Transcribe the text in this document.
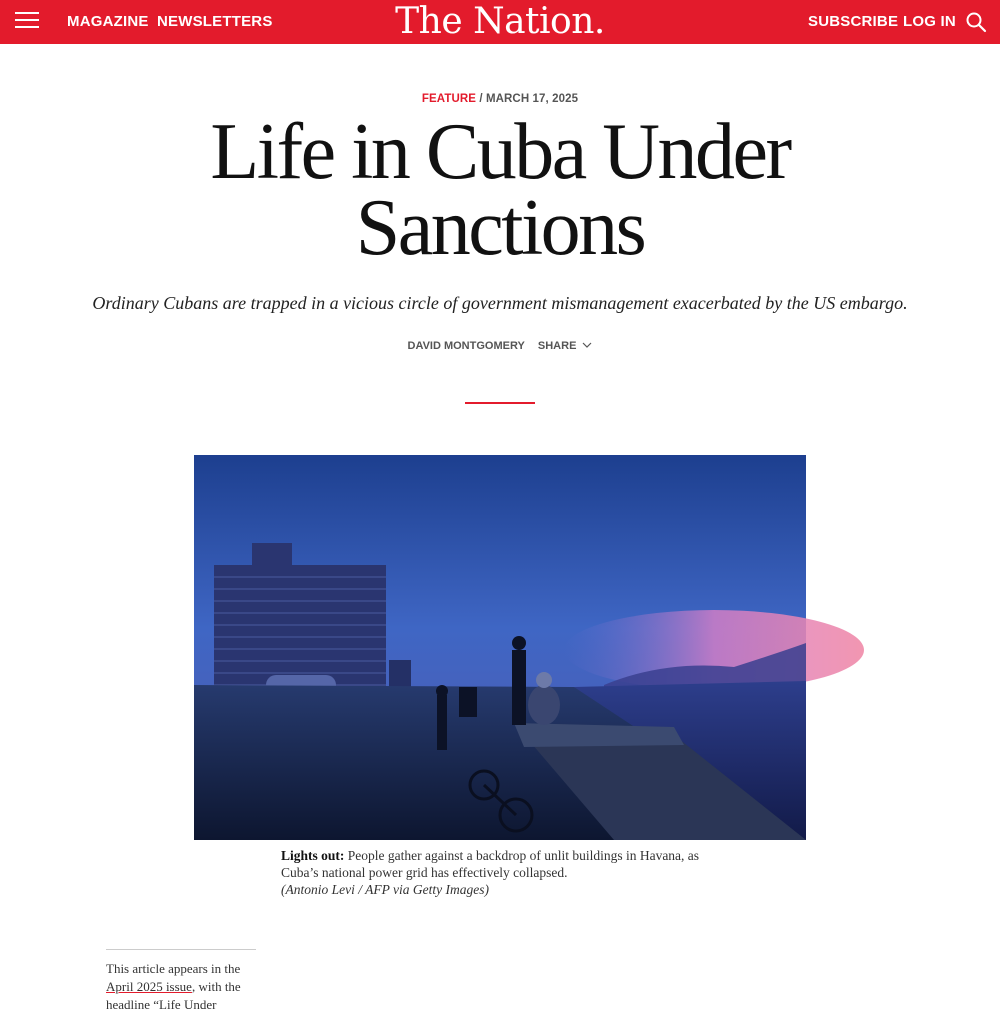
MAGAZINE NEWSLETTERS	The Nation.	SUBSCRIBE LOG IN
FEATURE / MARCH 17, 2025
Life in Cuba Under
Sanctions

Ordinary Cubans are trapped in a vicious circle of government mismanagement exacerbated by the US embargo.

DAVID MONTGOMERY SHARE
Lights out: People gather against a backdrop of unlit buildings in Havana, as Cuba’s national power grid has effectively collapsed.
(Antonio Levi / AFP via Getty Images)
This article appears in the April 2025 issue, with the headline “Life Under
